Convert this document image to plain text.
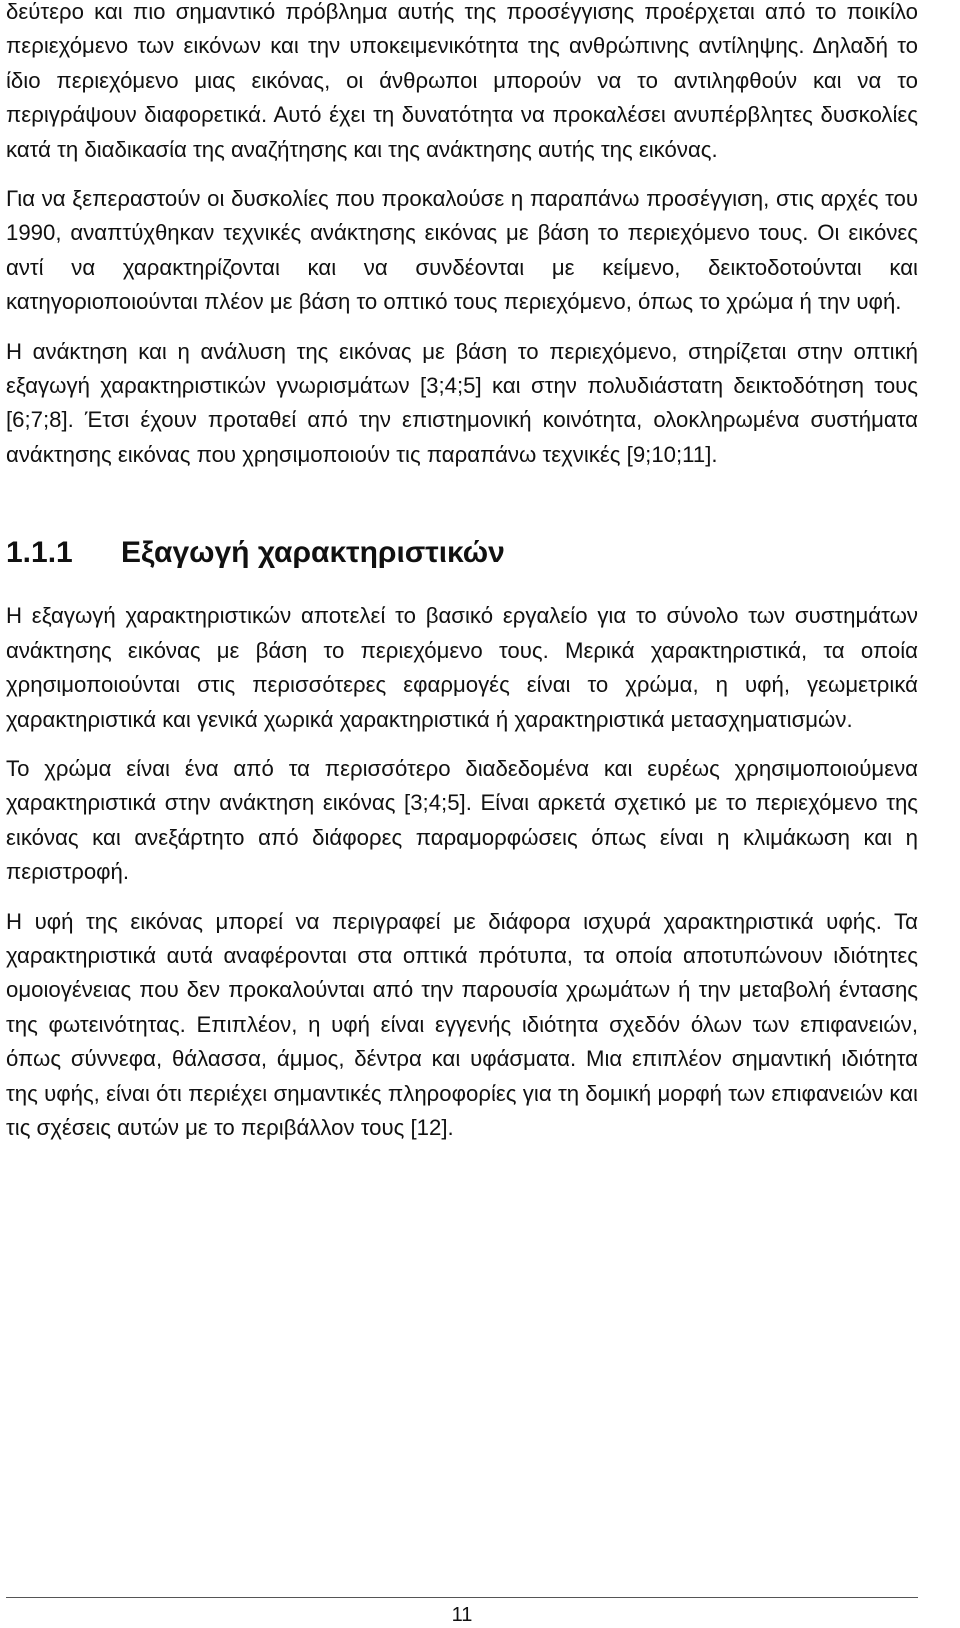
δεύτερο και πιο σημαντικό πρόβλημα αυτής της προσέγγισης προέρχεται από το ποικίλο περιεχόμενο των εικόνων και την υποκειμενικότητα της ανθρώπινης αντίληψης. Δηλαδή το ίδιο περιεχόμενο μιας εικόνας, οι άνθρωποι μπορούν να το αντιληφθούν και να το περιγράψουν διαφορετικά. Αυτό έχει τη δυνατότητα να προκαλέσει ανυπέρβλητες δυσκολίες κατά τη διαδικασία της αναζήτησης και της ανάκτησης αυτής της εικόνας.

Για να ξεπεραστούν οι δυσκολίες που προκαλούσε η παραπάνω προσέγγιση, στις αρχές του 1990, αναπτύχθηκαν τεχνικές ανάκτησης εικόνας με βάση το περιεχόμενο τους. Οι εικόνες αντί να χαρακτηρίζονται και να συνδέονται με κείμενο, δεικτοδοτούνται και κατηγοριοποιούνται πλέον με βάση το οπτικό τους περιεχόμενο, όπως το χρώμα ή την υφή.

Η ανάκτηση και η ανάλυση της εικόνας με βάση το περιεχόμενο, στηρίζεται στην οπτική εξαγωγή χαρακτηριστικών γνωρισμάτων [3;4;5] και στην πολυδιάστατη δεικτοδότηση τους [6;7;8]. Έτσι έχουν προταθεί από την επιστημονική κοινότητα, ολοκληρωμένα συστήματα ανάκτησης εικόνας που χρησιμοποιούν τις παραπάνω τεχνικές [9;10;11].

1.1.1 Εξαγωγή χαρακτηριστικών

Η εξαγωγή χαρακτηριστικών αποτελεί το βασικό εργαλείο για το σύνολο των συστημάτων ανάκτησης εικόνας με βάση το περιεχόμενο τους. Μερικά χαρακτηριστικά, τα οποία χρησιμοποιούνται στις περισσότερες εφαρμογές είναι το χρώμα, η υφή, γεωμετρικά χαρακτηριστικά και γενικά χωρικά χαρακτηριστικά ή χαρακτηριστικά μετασχηματισμών.

Το χρώμα είναι ένα από τα περισσότερο διαδεδομένα και ευρέως χρησιμοποιούμενα χαρακτηριστικά στην ανάκτηση εικόνας [3;4;5]. Είναι αρκετά σχετικό με το περιεχόμενο της εικόνας και ανεξάρτητο από διάφορες παραμορφώσεις όπως είναι η κλιμάκωση και η περιστροφή.

Η υφή της εικόνας μπορεί να περιγραφεί με διάφορα ισχυρά χαρακτηριστικά υφής. Τα χαρακτηριστικά αυτά αναφέρονται στα οπτικά πρότυπα, τα οποία αποτυπώνουν ιδιότητες ομοιογένειας που δεν προκαλούνται από την παρουσία χρωμάτων ή την μεταβολή έντασης της φωτεινότητας. Επιπλέον, η υφή είναι εγγενής ιδιότητα σχεδόν όλων των επιφανειών, όπως σύννεφα, θάλασσα, άμμος, δέντρα και υφάσματα. Μια επιπλέον σημαντική ιδιότητα της υφής, είναι ότι περιέχει σημαντικές πληροφορίες για τη δομική μορφή των επιφανειών και τις σχέσεις αυτών με το περιβάλλον τους [12].

11
